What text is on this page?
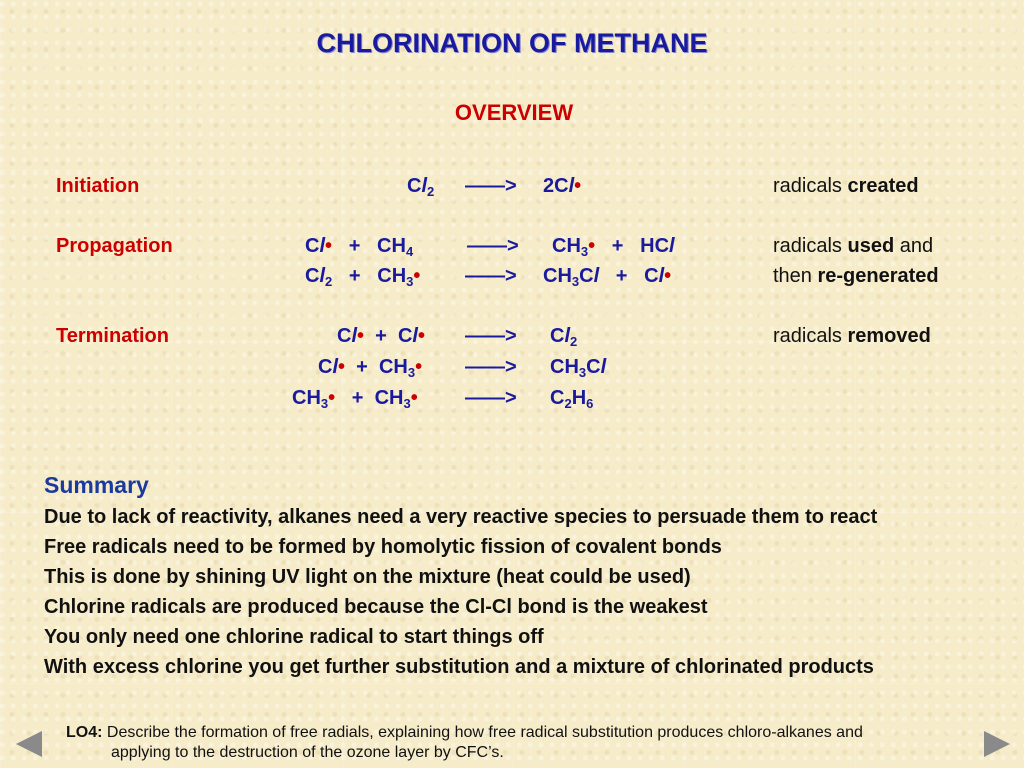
CHLORINATION OF METHANE
OVERVIEW
Initiation
Propagation
Termination
$Cl_2$ ——> 2Cl•
Cl•   +   $CH_4$	——> $CH_3•$   +   HCl
$Cl_2$   +   $CH_3•$ ——> $CH_3Cl$   +   Cl•
Cl•  +  Cl• ——> $Cl_2$
Cl•  +  $CH_3•$ ——> $CH_3Cl$
$CH_3•$   +  $CH_3•$ ——> $C_2H_6$
radicals created
radicals used and
then re-generated
radicals removed
Summary
Due to lack of reactivity, alkanes need a very reactive species to persuade them to react
Free radicals need to be formed by homolytic fission of covalent bonds
This is done by shining UV light on the mixture (heat could be used)
Chlorine radicals are produced because the Cl-Cl bond is the weakest
You only need one chlorine radical to start things off
With excess chlorine you get further substitution and a mixture of chlorinated products
LO4: Describe the formation of free radials, explaining how free radical substitution produces chloro-alkanes and
applying to the destruction of the ozone layer by CFC’s.
